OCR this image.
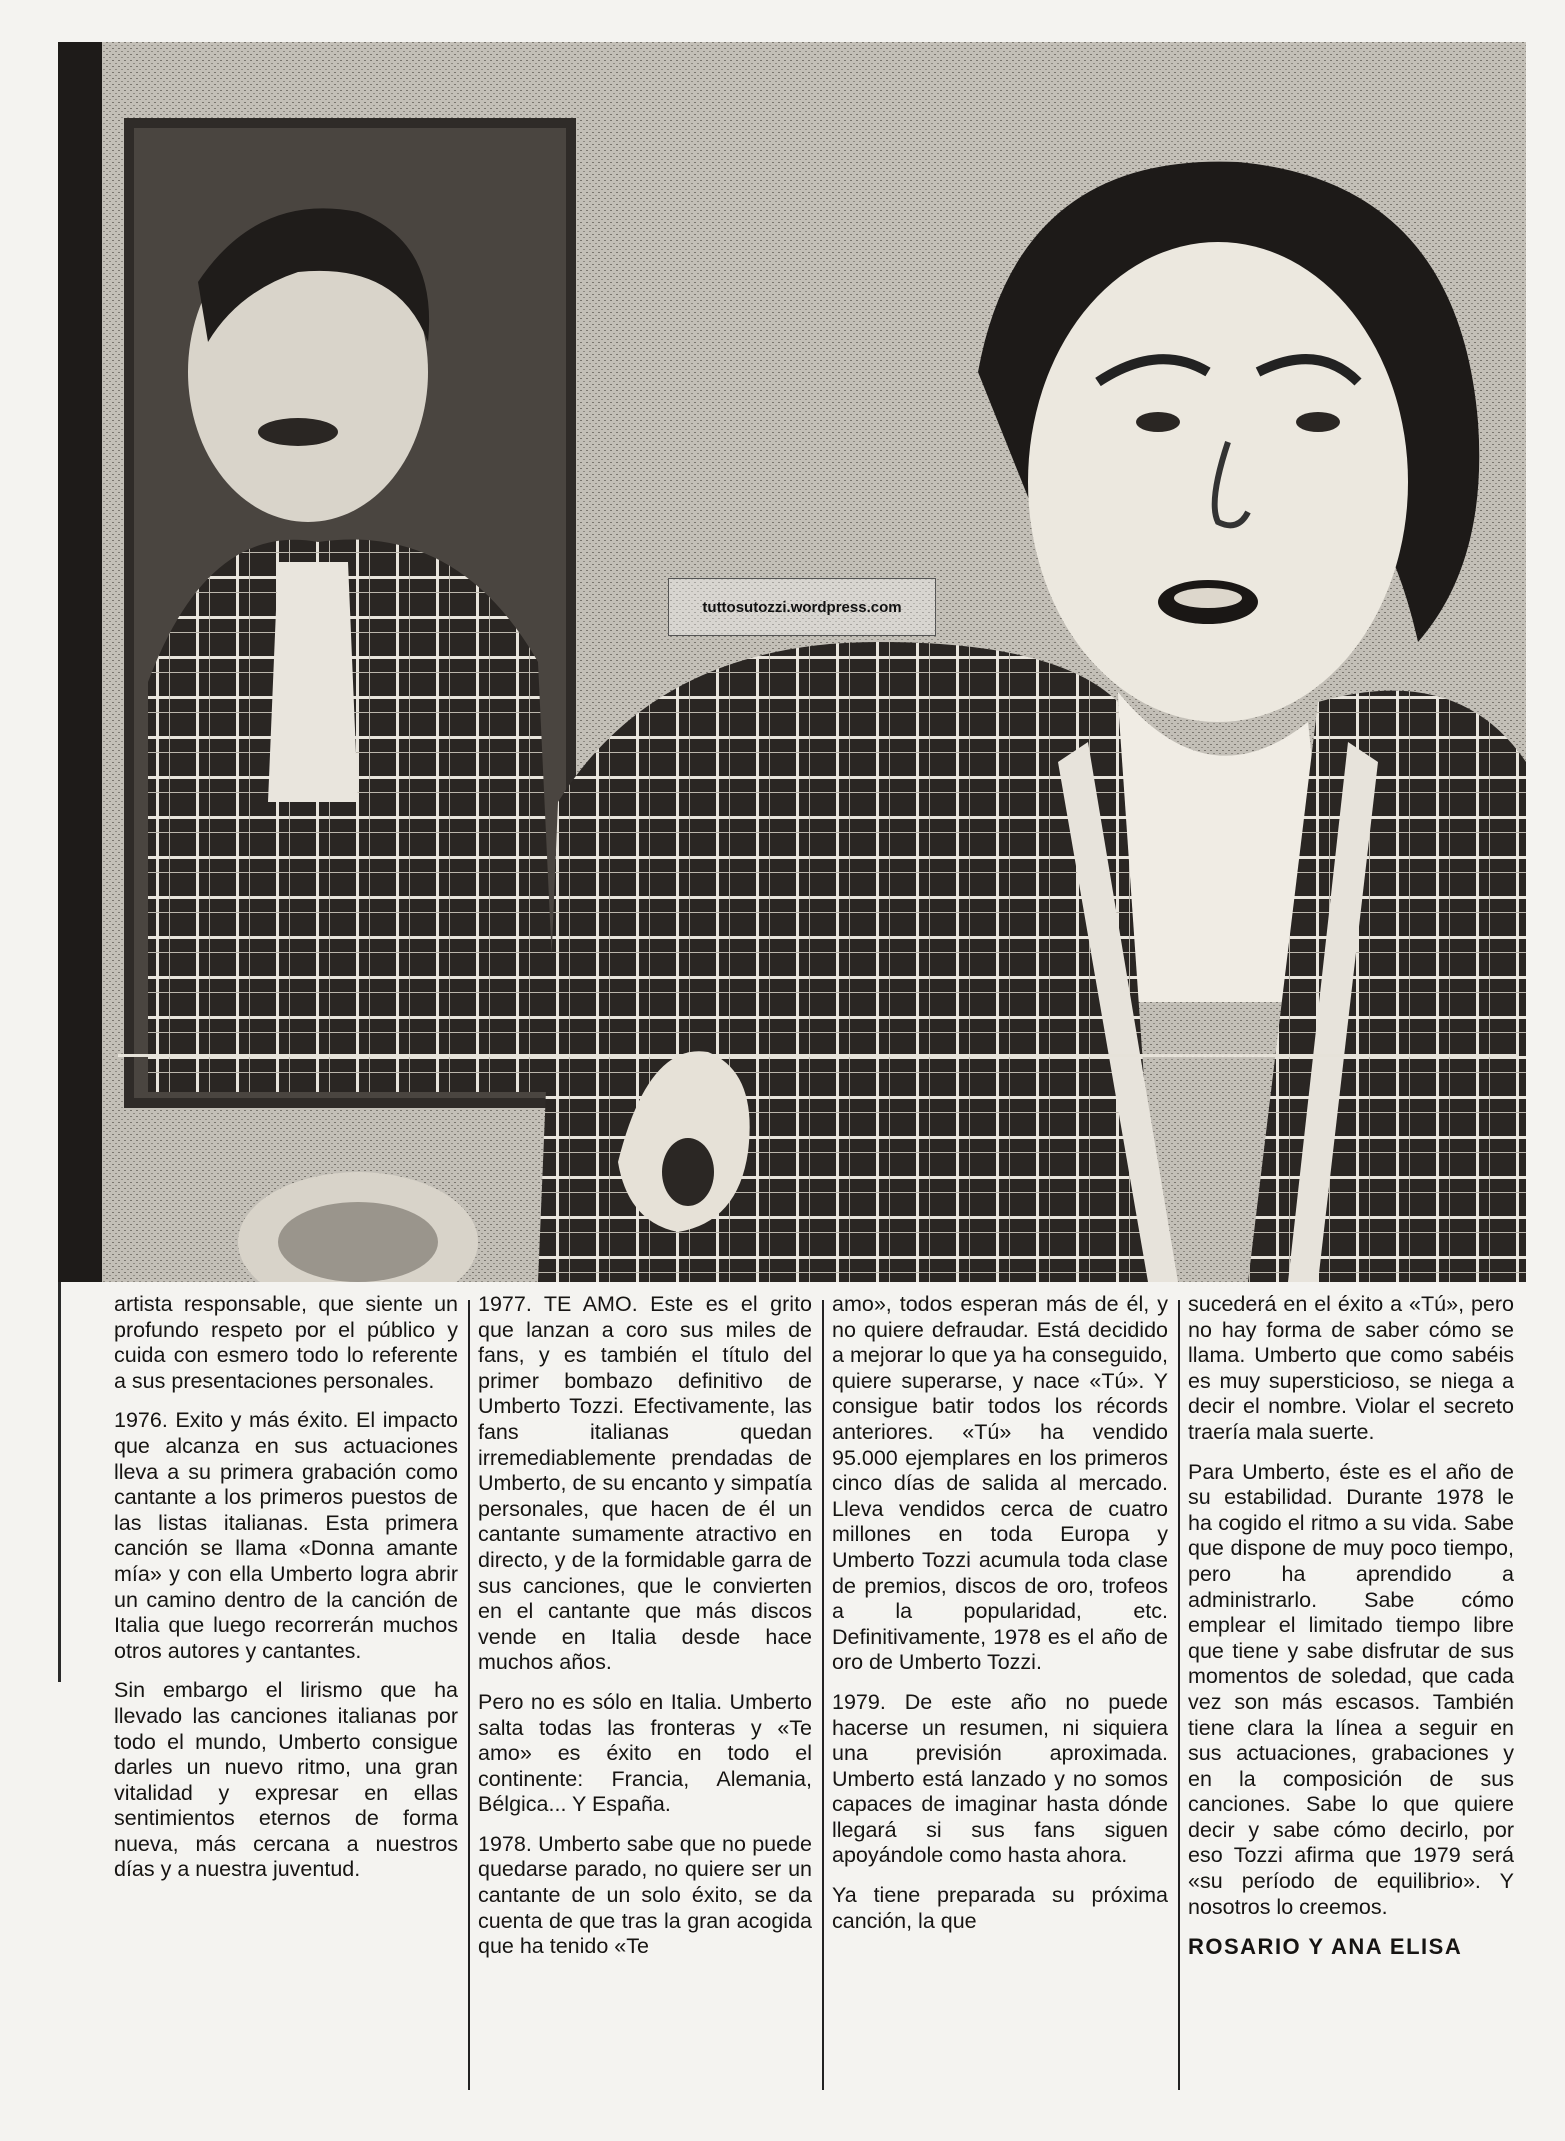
tuttosutozzi.wordpress.com

artista responsable, que siente un profundo respeto por el público y cuida con esmero todo lo referente a sus presentaciones personales.

1976. Exito y más éxito. El impacto que alcanza en sus actuaciones lleva a su primera grabación como cantante a los primeros puestos de las listas italianas. Esta primera canción se llama «Donna amante mía» y con ella Umberto logra abrir un camino dentro de la canción de Italia que luego recorrerán muchos otros autores y cantantes.

Sin embargo el lirismo que ha llevado las canciones italianas por todo el mundo, Umberto consigue darles un nuevo ritmo, una gran vitalidad y expresar en ellas sentimientos eternos de forma nueva, más cercana a nuestros días y a nuestra juventud.

1977. TE AMO. Este es el grito que lanzan a coro sus miles de fans, y es también el título del primer bombazo definitivo de Umberto Tozzi. Efectivamente, las fans italianas quedan irremediablemente prendadas de Umberto, de su encanto y simpatía personales, que hacen de él un cantante sumamente atractivo en directo, y de la formidable garra de sus canciones, que le convierten en el cantante que más discos vende en Italia desde hace muchos años.

Pero no es sólo en Italia. Umberto salta todas las fronteras y «Te amo» es éxito en todo el continente: Francia, Alemania, Bélgica... Y España.

1978. Umberto sabe que no puede quedarse parado, no quiere ser un cantante de un solo éxito, se da cuenta de que tras la gran acogida que ha tenido «Te

amo», todos esperan más de él, y no quiere defraudar. Está decidido a mejorar lo que ya ha conseguido, quiere superarse, y nace «Tú». Y consigue batir todos los récords anteriores. «Tú» ha vendido 95.000 ejemplares en los primeros cinco días de salida al mercado. Lleva vendidos cerca de cuatro millones en toda Europa y Umberto Tozzi acumula toda clase de premios, discos de oro, trofeos a la popularidad, etc. Definitivamente, 1978 es el año de oro de Umberto Tozzi.

1979. De este año no puede hacerse un resumen, ni siquiera una previsión aproximada. Umberto está lanzado y no somos capaces de imaginar hasta dónde llegará si sus fans siguen apoyándole como hasta ahora.

Ya tiene preparada su próxima canción, la que

sucederá en el éxito a «Tú», pero no hay forma de saber cómo se llama. Umberto que como sabéis es muy supersticioso, se niega a decir el nombre. Violar el secreto traería mala suerte.

Para Umberto, éste es el año de su estabilidad. Durante 1978 le ha cogido el ritmo a su vida. Sabe que dispone de muy poco tiempo, pero ha aprendido a administrarlo. Sabe cómo emplear el limitado tiempo libre que tiene y sabe disfrutar de sus momentos de soledad, que cada vez son más escasos. También tiene clara la línea a seguir en sus actuaciones, grabaciones y en la composición de sus canciones. Sabe lo que quiere decir y sabe cómo decirlo, por eso Tozzi afirma que 1979 será «su período de equilibrio». Y nosotros lo creemos.

ROSARIO Y ANA ELISA
